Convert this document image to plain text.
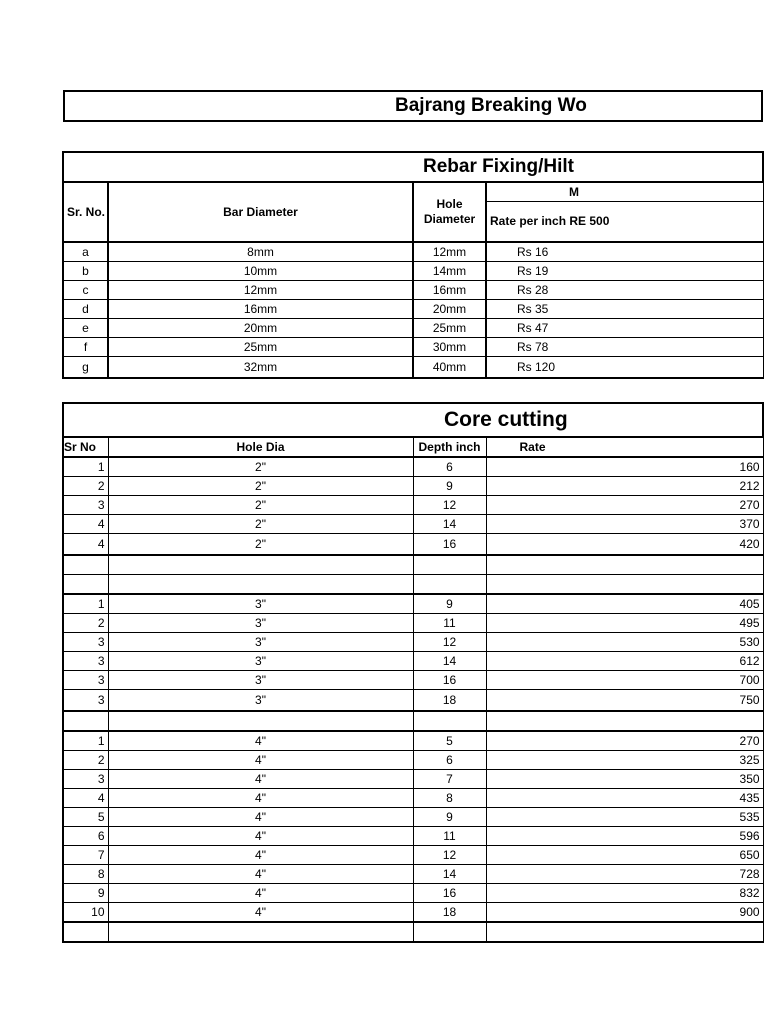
Bajrang Breaking Wo
Rebar Fixing/Hilt			

Sr. No.	Bar Diameter	Hole Diameter	M
			Rate per inch RE 500
a	8mm	12mm	Rs 16
b	10mm	14mm	Rs 19
c	12mm	16mm	Rs 28
d	16mm	20mm	Rs 35
e	20mm	25mm	Rs 47
f	25mm	30mm	Rs 78
g	32mm	40mm	Rs 120
Core cutting			

Sr No	Hole Dia	Depth inch	Rate
1	2"	6	160
2	2"	9	212
3	2"	12	270
4	2"	14	370
4	2"	16	420

1	3"	9	405
2	3"	11	495
3	3"	12	530
3	3"	14	612
3	3"	16	700
3	3"	18	750

1	4"	5	270
2	4"	6	325
3	4"	7	350
4	4"	8	435
5	4"	9	535
6	4"	11	596
7	4"	12	650
8	4"	14	728
9	4"	16	832
10	4"	18	900
